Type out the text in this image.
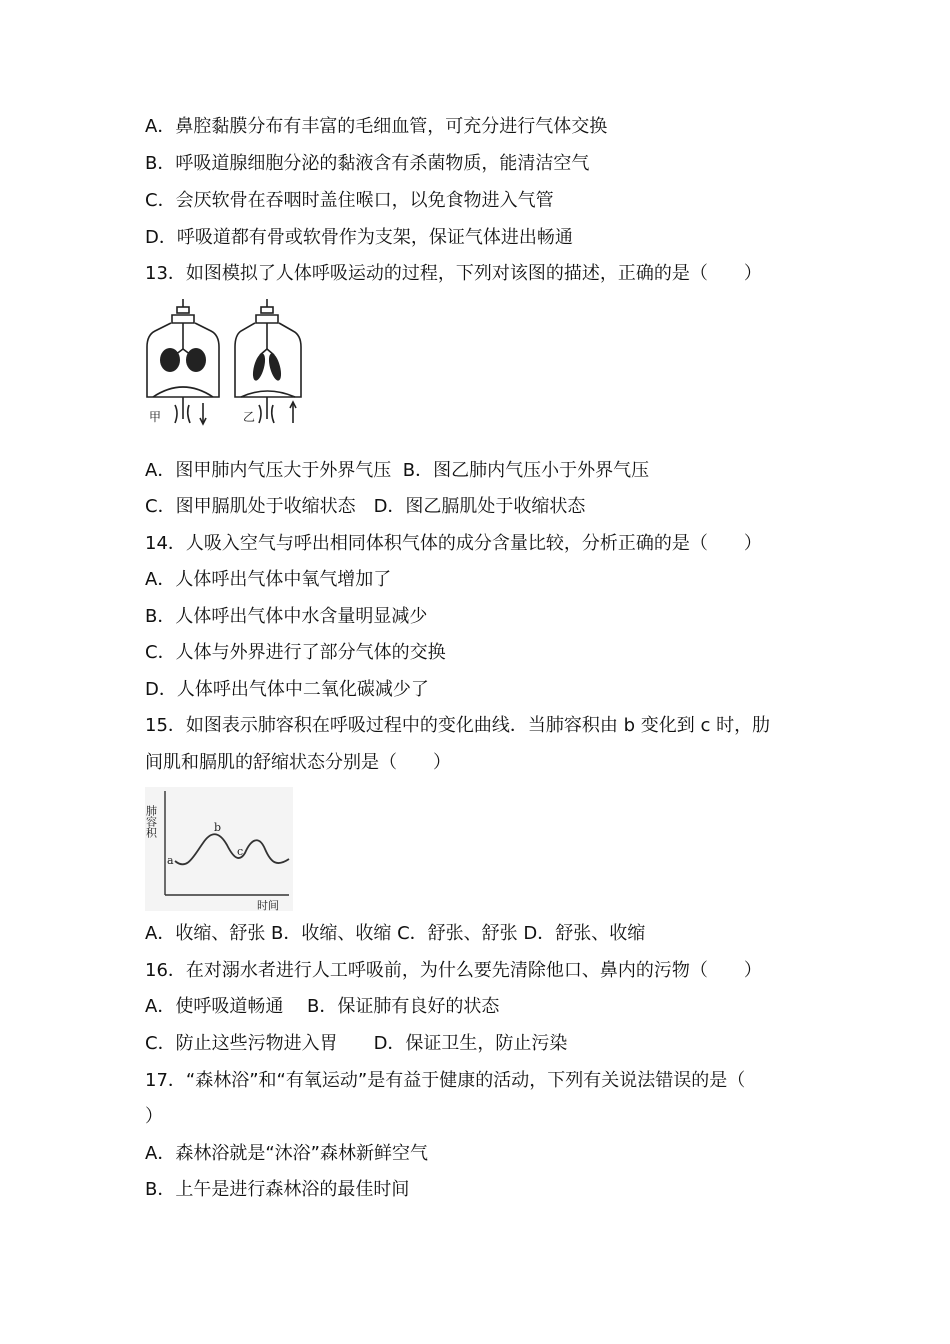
A．鼻腔黏膜分布有丰富的毛细血管，可充分进行气体交换
B．呼吸道腺细胞分泌的黏液含有杀菌物质，能清洁空气
C．会厌软骨在吞咽时盖住喉口，以免食物进入气管
D．呼吸道都有骨或软骨作为支架，保证气体进出畅通
13．如图模拟了人体呼吸运动的过程，下列对该图的描述，正确的是（　　）
甲	乙
A．图甲肺内气压大于外界气压  B．图乙肺内气压小于外界气压
C．图甲膈肌处于收缩状态　D．图乙膈肌处于收缩状态
14．人吸入空气与呼出相同体积气体的成分含量比较，分析正确的是（　　）
A．人体呼出气体中氧气增加了
B．人体呼出气体中水含量明显减少
C．人体与外界进行了部分气体的交换
D．人体呼出气体中二氧化碳减少了
15．如图表示肺容积在呼吸过程中的变化曲线．当肺容积由 b 变化到 c 时，肋
间肌和膈肌的舒缩状态分别是（　　）
肺容积
a
b
c
时间
A．收缩、舒张 B．收缩、收缩 C．舒张、舒张 D．舒张、收缩
16．在对溺水者进行人工呼吸前，为什么要先清除他口、鼻内的污物（　　）
A．使呼吸道畅通　 B．保证肺有良好的状态
C．防止这些污物进入胃　　D．保证卫生，防止污染
17．“森林浴”和“有氧运动”是有益于健康的活动，下列有关说法错误的是（
）
A．森林浴就是“沐浴”森林新鲜空气
B．上午是进行森林浴的最佳时间
